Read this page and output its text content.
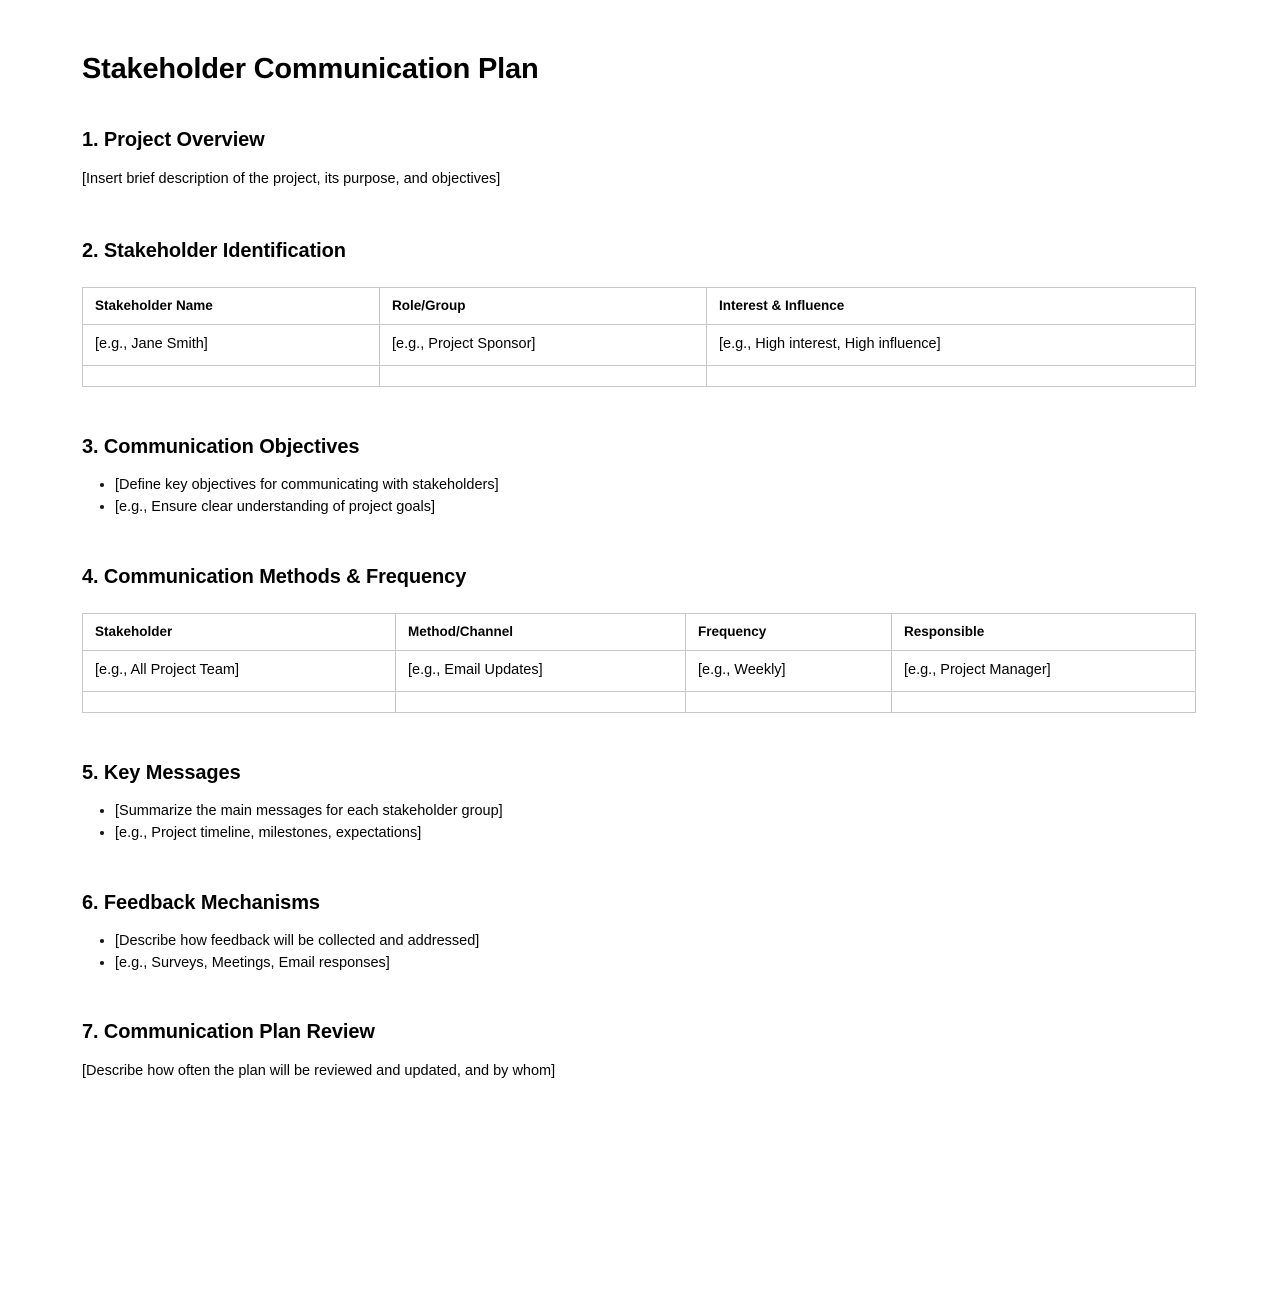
Stakeholder Communication Plan
1. Project Overview

[Insert brief description of the project, its purpose, and objectives]

2. Stakeholder Identification
Stakeholder Name	Role/Group	Interest & Influence
[e.g., Jane Smith]	[e.g., Project Sponsor]	[e.g., High interest, High influence]

3. Communication Objectives
[Define key objectives for communicating with stakeholders]
[e.g., Ensure clear understanding of project goals]
4. Communication Methods & Frequency
Stakeholder	Method/Channel	Frequency	Responsible
[e.g., All Project Team]	[e.g., Email Updates]	[e.g., Weekly]	[e.g., Project Manager]

5. Key Messages
[Summarize the main messages for each stakeholder group]
[e.g., Project timeline, milestones, expectations]
6. Feedback Mechanisms
[Describe how feedback will be collected and addressed]
[e.g., Surveys, Meetings, Email responses]
7. Communication Plan Review

[Describe how often the plan will be reviewed and updated, and by whom]
